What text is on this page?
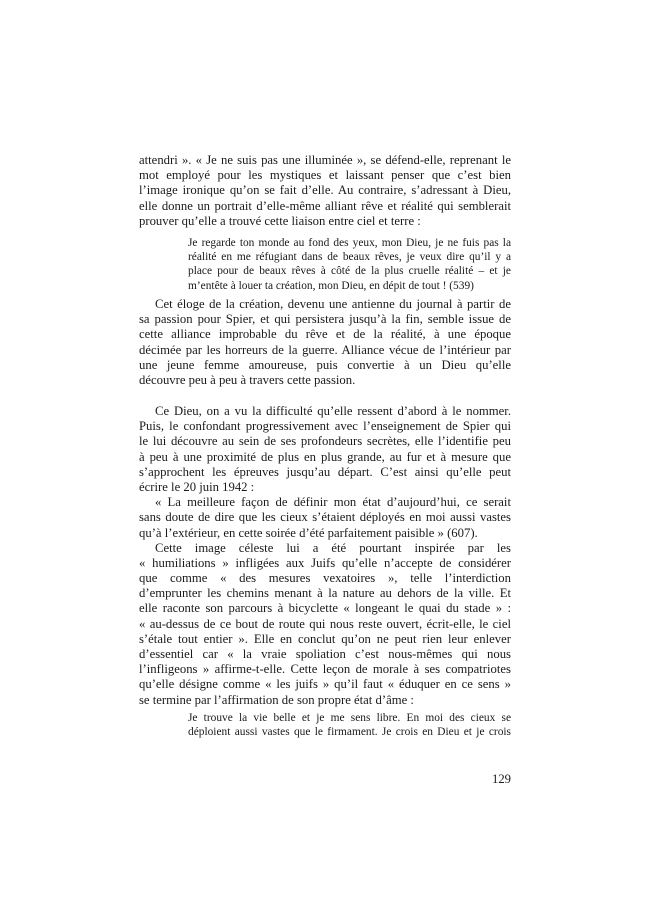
attendri ». « Je ne suis pas une illuminée », se défend-elle, reprenant le
mot employé pour les mystiques et laissant penser que c’est bien
l’image ironique qu’on se fait d’elle. Au contraire, s’adressant à Dieu,
elle donne un portrait d’elle-même alliant rêve et réalité qui semblerait
prouver qu’elle a trouvé cette liaison entre ciel et terre :
Je regarde ton monde au fond des yeux, mon Dieu, je ne fuis pas la
réalité en me réfugiant dans de beaux rêves, je veux dire qu’il y a
place pour de beaux rêves à côté de la plus cruelle réalité – et je
m’entête à louer ta création, mon Dieu, en dépit de tout ! (539)
Cet éloge de la création, devenu une antienne du journal à partir de
sa passion pour Spier, et qui persistera jusqu’à la fin, semble issue de
cette alliance improbable du rêve et de la réalité, à une époque
décimée par les horreurs de la guerre. Alliance vécue de l’intérieur par
une jeune femme amoureuse, puis convertie à un Dieu qu’elle
découvre peu à peu à travers cette passion.
Ce Dieu, on a vu la difficulté qu’elle ressent d’abord à le nommer.
Puis, le confondant progressivement avec l’enseignement de Spier qui
le lui découvre au sein de ses profondeurs secrètes, elle l’identifie peu
à peu à une proximité de plus en plus grande, au fur et à mesure que
s’approchent les épreuves jusqu’au départ. C’est ainsi qu’elle peut
écrire le 20 juin 1942 :
« La meilleure façon de définir mon état d’aujourd’hui, ce serait
sans doute de dire que les cieux s’étaient déployés en moi aussi vastes
qu’à l’extérieur, en cette soirée d’été parfaitement paisible » (607).
Cette image céleste lui a été pourtant inspirée par les
« humiliations » infligées aux Juifs qu’elle n’accepte de considérer
que comme « des mesures vexatoires », telle l’interdiction
d’emprunter les chemins menant à la nature au dehors de la ville. Et
elle raconte son parcours à bicyclette « longeant le quai du stade » :
« au-dessus de ce bout de route qui nous reste ouvert, écrit-elle, le ciel
s’étale tout entier ». Elle en conclut qu’on ne peut rien leur enlever
d’essentiel car « la vraie spoliation c’est nous-mêmes qui nous
l’infligeons » affirme-t-elle. Cette leçon de morale à ses compatriotes
qu’elle désigne comme « les juifs » qu’il faut « éduquer en ce sens »
se termine par l’affirmation de son propre état d’âme :
Je trouve la vie belle et je me sens libre. En moi des cieux se
déploient aussi vastes que le firmament. Je crois en Dieu et je crois
129
